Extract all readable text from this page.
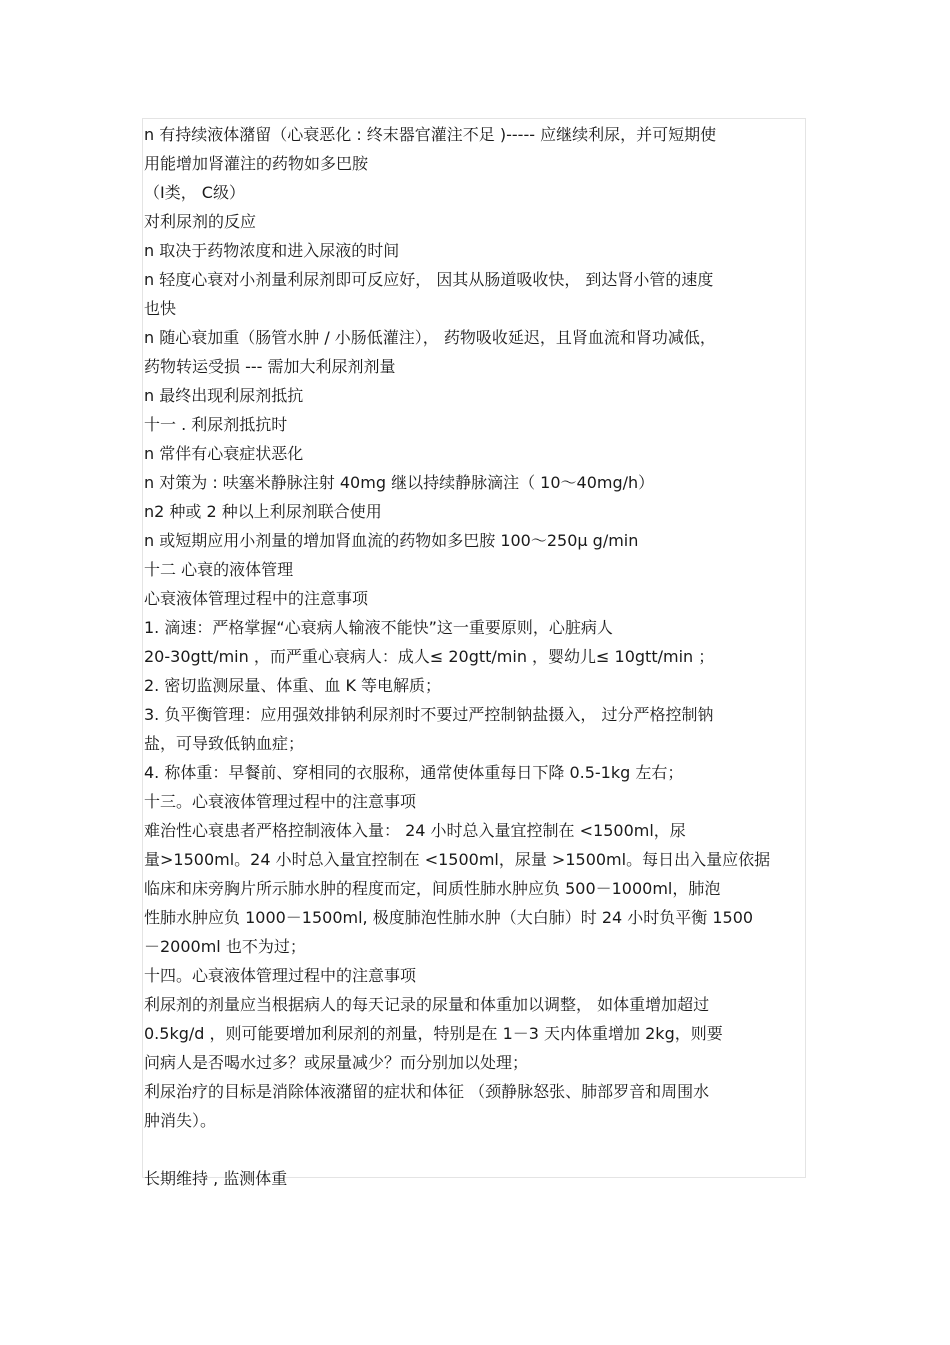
n 有持续液体潴留（心衰恶化 : 终末器官灌注不足 )----- 应继续利尿，并可短期使
用能增加肾灌注的药物如多巴胺
（Ⅰ类， C级）
对利尿剂的反应
n 取决于药物浓度和进入尿液的时间
n 轻度心衰对小剂量利尿剂即可反应好， 因其从肠道吸收快， 到达肾小管的速度
也快
n 随心衰加重（肠管水肿 / 小肠低灌注）， 药物吸收延迟，且肾血流和肾功减低，
药物转运受损 --- 需加大利尿剂剂量
n 最终出现利尿剂抵抗
十一 . 利尿剂抵抗时
n 常伴有心衰症状恶化
n 对策为 : 呋塞米静脉注射 40mg 继以持续静脉滴注（ 10～40mg/h）
n2 种或 2 种以上利尿剂联合使用
n 或短期应用小剂量的增加肾血流的药物如多巴胺 100～250μ g/min
十二 心衰的液体管理
心衰液体管理过程中的注意事项
1. 滴速：严格掌握“心衰病人输液不能快”这一重要原则，心脏病人
20-30gtt/min ，而严重心衰病人：成人≤ 20gtt/min ，婴幼儿≤ 10gtt/min ；
2. 密切监测尿量、体重、血 K 等电解质；
3. 负平衡管理：应用强效排钠利尿剂时不要过严控制钠盐摄入， 过分严格控制钠
盐，可导致低钠血症；
4. 称体重：早餐前、穿相同的衣服称，通常使体重每日下降 0.5-1kg 左右；
十三。心衰液体管理过程中的注意事项
难治性心衰患者严格控制液体入量： 24 小时总入量宜控制在 <1500ml，尿
量>1500ml。24 小时总入量宜控制在 <1500ml，尿量 >1500ml。每日出入量应依据
临床和床旁胸片所示肺水肿的程度而定，间质性肺水肿应负 500－1000ml，肺泡
性肺水肿应负 1000－1500ml, 极度肺泡性肺水肿（大白肺）时 24 小时负平衡 1500
－2000ml 也不为过；
十四。心衰液体管理过程中的注意事项
利尿剂的剂量应当根据病人的每天记录的尿量和体重加以调整， 如体重增加超过
0.5kg/d ，则可能要增加利尿剂的剂量，特别是在 1－3 天内体重增加 2kg，则要
问病人是否喝水过多？或尿量减少？而分别加以处理；
利尿治疗的目标是消除体液潴留的症状和体征 （颈静脉怒张、肺部罗音和周围水
肿消失）。
长期维持 , 监测体重
